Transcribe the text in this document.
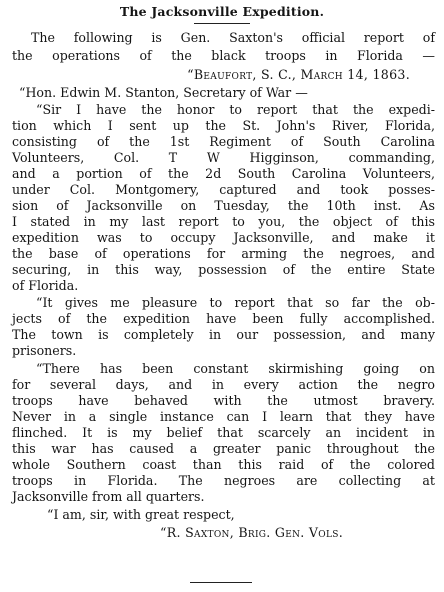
The Jacksonville Expedition.
The following is Gen. Saxton's official report of
the operations of the black troops in Florida —
“Beaufort, S. C., March 14, 1863.
“Hon. Edwin M. Stanton, Secretary of War —
“Sir I have the honor to report that the expedi-
tion which I sent up the St. John's River, Florida,
consisting of the 1st Regiment of South Carolina
Volunteers, Col. T W Higginson, commanding,
and a portion of the 2d South Carolina Volunteers,
under Col. Montgomery, captured and took posses-
sion of Jacksonville on Tuesday, the 10th inst. As
I stated in my last report to you, the object of this
expedition was to occupy Jacksonville, and make it
the base of operations for arming the negroes, and
securing, in this way, possession of the entire State
of Florida.
“It gives me pleasure to report that so far the ob-
jects of the expedition have been fully accomplished.
The town is completely in our possession, and many
prisoners.
“There has been constant skirmishing going on
for several days, and in every action the negro
troops have behaved with the utmost bravery.
Never in a single instance can I learn that they have
flinched. It is my belief that scarcely an incident in
this war has caused a greater panic throughout the
whole Southern coast than this raid of the colored
troops in Florida. The negroes are collecting at
Jacksonville from all quarters.
“I am, sir, with great respect,
“R. Saxton, Brig. Gen. Vols.
